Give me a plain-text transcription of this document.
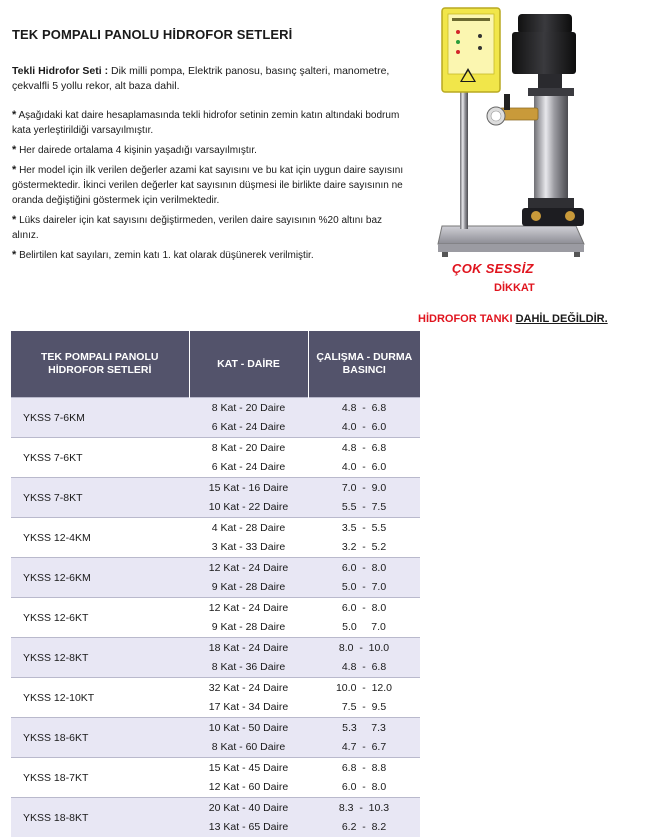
TEK POMPALI PANOLU HİDROFOR SETLERİ
Tekli Hidrofor Seti : Dik milli pompa, Elektrik panosu, basınç şalteri, manometre, çekvalfli 5 yollu rekor, alt baza dahil.
* Aşağıdaki kat daire hesaplamasında tekli hidrofor setinin zemin katın altındaki bodrum kata yerleştirildiği varsayılmıştır.
* Her dairede ortalama 4 kişinin yaşadığı varsayılmıştır.
* Her model için ilk verilen değerler azami kat sayısını ve bu kat için uygun daire sayısını göstermektedir. İkinci verilen değerler kat sayısının düşmesi ile birlikte daire sayısının ne oranda değiştiğini göstermek için verilmektedir.
* Lüks daireler için kat sayısını değiştirmeden, verilen daire sayısının %20 altını baz alınız.
* Belirtilen kat sayıları, zemin katı 1. kat olarak düşünerek verilmiştir.
ÇOK SESSİZ
DİKKAT
HİDROFOR TANKI DAHİL DEĞİLDİR.
TEK POMPALI PANOLU HİDROFOR SETLERİ	KAT - DAİRE	ÇALIŞMA - DURMA BASINCI
YKSS 7-6KM	8 Kat - 20 Daire	4.8  -  6.8
	6 Kat - 24 Daire	4.0  -  6.0
YKSS 7-6KT	8 Kat - 20 Daire	4.8  -  6.8
	6 Kat - 24 Daire	4.0  -  6.0
YKSS 7-8KT	15 Kat - 16 Daire	7.0  -  9.0
	10 Kat - 22 Daire	5.5  -  7.5
YKSS 12-4KM	4 Kat - 28 Daire	3.5  -  5.5
	3 Kat - 33 Daire	3.2  -  5.2
YKSS 12-6KM	12 Kat - 24 Daire	6.0  -  8.0
	9 Kat - 28 Daire	5.0  -  7.0
YKSS 12-6KT	12 Kat - 24 Daire	6.0  -  8.0
	9 Kat - 28 Daire	5.0     7.0
YKSS 12-8KT	18 Kat - 24 Daire	8.0  -  10.0
	8 Kat - 36 Daire	4.8  -  6.8
YKSS 12-10KT	32 Kat - 24 Daire	10.0  -  12.0
	17 Kat - 34 Daire	7.5  -  9.5
YKSS 18-6KT	10 Kat - 50 Daire	5.3     7.3
	8 Kat - 60 Daire	4.7  -  6.7
YKSS 18-7KT	15 Kat - 45 Daire	6.8  -  8.8
	12 Kat - 60 Daire	6.0  -  8.0
YKSS 18-8KT	20 Kat - 40 Daire	8.3  -  10.3
	13 Kat - 65 Daire	6.2  -  8.2
